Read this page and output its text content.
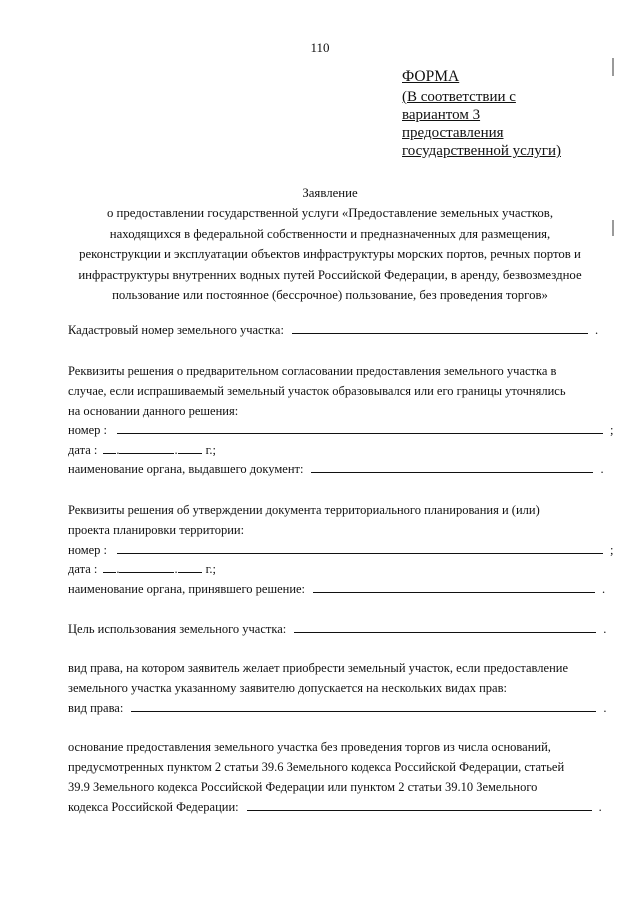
110
ФОРМА
(В соответствии с
вариантом 3
предоставления
государственной услуги)
Заявление
о предоставлении государственной услуги «Предоставление земельных участков,
находящихся в федеральной собственности и предназначенных для размещения,
реконструкции и эксплуатации объектов инфраструктуры морских портов, речных портов и
инфраструктуры внутренних водных путей Российской Федерации, в аренду, безвозмездное
пользование или постоянное (бессрочное) пользование, без проведения торгов»
Кадастровый номер земельного участка:	.
Реквизиты решения о предварительном согласовании предоставления земельного участка в
случае, если испрашиваемый земельный участок образовывался или его границы уточнялись
на основании данного решения:
номер :	;
дата : .	. г.;
наименование органа, выдавшего документ:	.
Реквизиты решения об утверждении документа территориального планирования и (или)
проекта планировки территории:
номер :	;
дата : .	. г.;
наименование органа, принявшего решение:	.
Цель использования земельного участка:	.
вид права, на котором заявитель желает приобрести земельный участок, если предоставление
земельного участка указанному заявителю допускается на нескольких видах прав:
вид права:	.
основание предоставления земельного участка без проведения торгов из числа оснований,
предусмотренных пунктом 2 статьи 39.6 Земельного кодекса Российской Федерации, статьей
39.9 Земельного кодекса Российской Федерации или пунктом 2 статьи 39.10 Земельного
кодекса Российской Федерации:	.
